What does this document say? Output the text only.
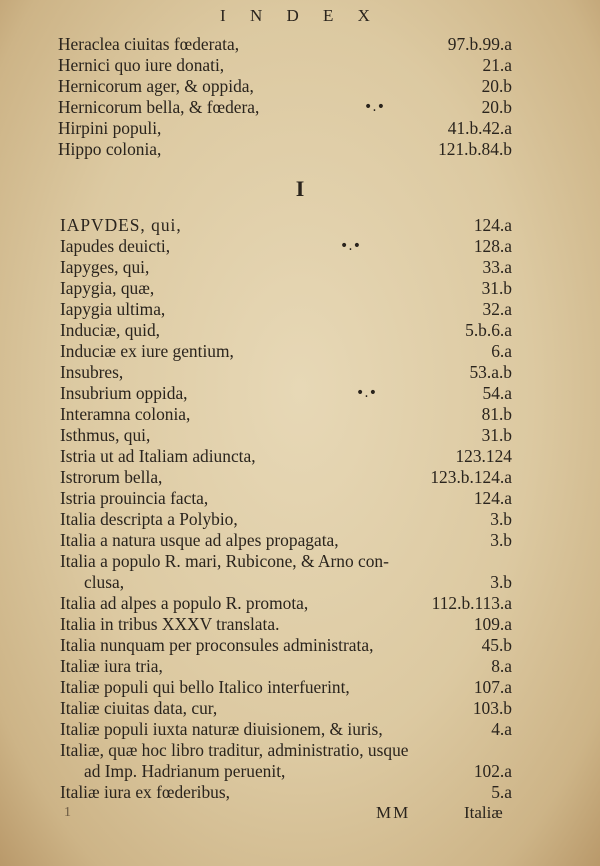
I N D E X
I
Heraclea ciuitas fœderata,	97.b.99.a
Hernici quo iure donati,	21.a
Hernicorum ager, & oppida,	20.b
Hernicorum bella, & fœdera,	•.•	20.b
Hirpini populi,	41.b.42.a
Hippo colonia,	121.b.84.b
IAPVDES, qui,	124.a
Iapudes deuicti,	•.•	128.a
Iapyges, qui,	33.a
Iapygia, quæ,	31.b
Iapygia ultima,	32.a
Induciæ, quid,	5.b.6.a
Induciæ ex iure gentium,	6.a
Insubres,	53.a.b
Insubrium oppida,	•.•	54.a
Interamna colonia,	81.b
Isthmus, qui,	31.b
Istria ut ad Italiam adiuncta,	123.124
Istrorum bella,	123.b.124.a
Istria prouincia facta,	124.a
Italia descripta a Polybio,	3.b
Italia a natura usque ad alpes propagata,	3.b
Italia a populo R. mari, Rubicone, & Arno con-
clusa,	3.b
Italia ad alpes a populo R. promota,	112.b.113.a
Italia in tribus XXXV translata.	109.a
Italia nunquam per proconsules administrata,	45.b
Italiæ iura tria,	8.a
Italiæ populi qui bello Italico interfuerint,	107.a
Italiæ ciuitas data, cur,	103.b
Italiæ populi iuxta naturæ diuisionem, & iuris,	4.a
Italiæ, quæ hoc libro traditur, administratio, usque
ad Imp. Hadrianum peruenit,	102.a
Italiæ iura ex fœderibus,	5.a
1	MM	Italiæ
